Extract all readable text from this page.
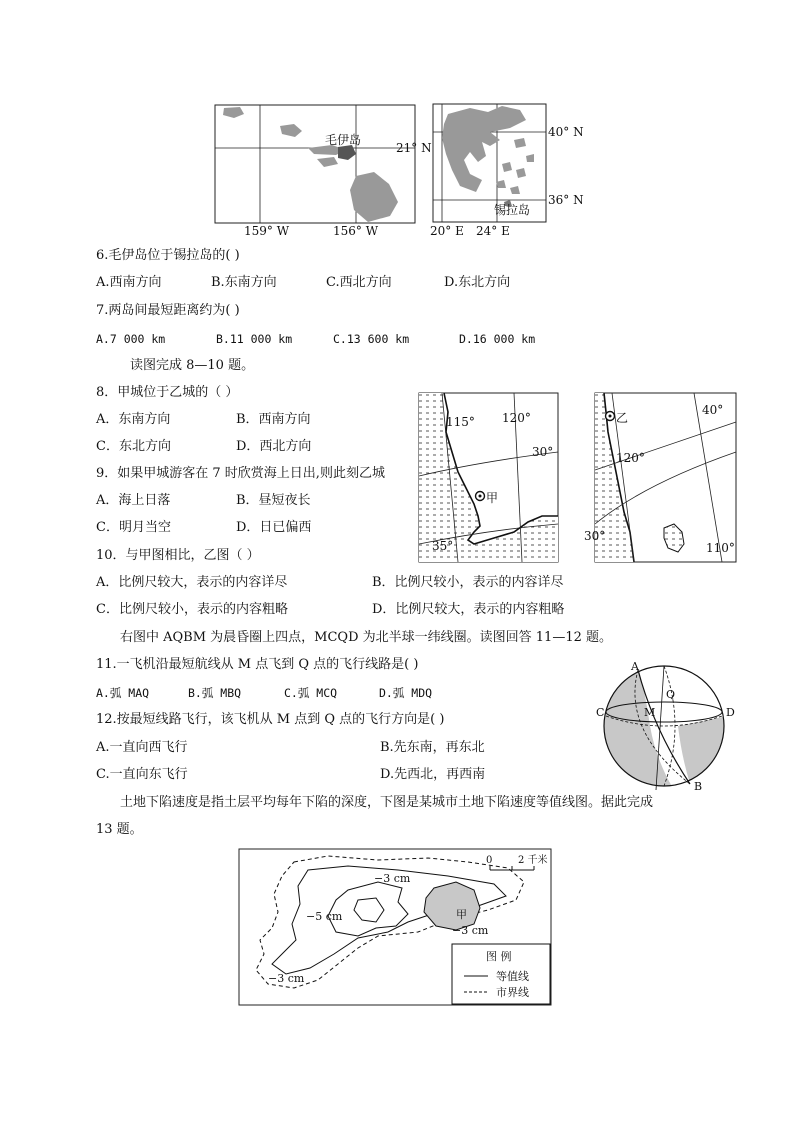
毛伊岛
21° N
159° W	156° W
锡拉岛
40° N
36° N
20° E 24° E
6.毛伊岛位于锡拉岛的( )
A.西南方向	B.东南方向	C.西北方向	D.东北方向
7.两岛间最短距离约为( )
A.7 000 km	B.11 000 km	C.13 600 km	D.16 000 km
读图完成 8—10 题。
8．甲城位于乙城的（ ）
A．东南方向	B．西南方向
C．东北方向	D．西北方向
9．如果甲城游客在 7 时欣赏海上日出,则此刻乙城
A．海上日落	B．昼短夜长
C．明月当空	D．日已偏西
115° 120°
30°
甲
35°
乙
40°
120°
30°
110°
10．与甲图相比，乙图（ ）
A．比例尺较大，表示的内容详尽	B．比例尺较小，表示的内容详尽
C．比例尺较小，表示的内容粗略	D．比例尺较大，表示的内容粗略
右图中 AQBM 为晨昏圈上四点，MCQD 为北半球一纬线圈。读图回答 11—12 题。
11.一飞机沿最短航线从 M 点飞到 Q 点的飞行线路是( )
A.弧 MAQ	B.弧 MBQ	C.弧 MCQ	D.弧 MDQ
12.按最短线路飞行，该飞机从 M 点到 Q 点的飞行方向是( )
A.一直向西飞行	B.先东南，再东北
C.一直向东飞行	D.先西北，再西南
A
Q
C	M	D
B
土地下陷速度是指土层平均每年下陷的深度，下图是某城市土地下陷速度等值线图。据此完成
13 题。
0	2 千米
−3 cm
−5 cm
−3 cm
−3 cm
甲
图 例
等值线
市界线
